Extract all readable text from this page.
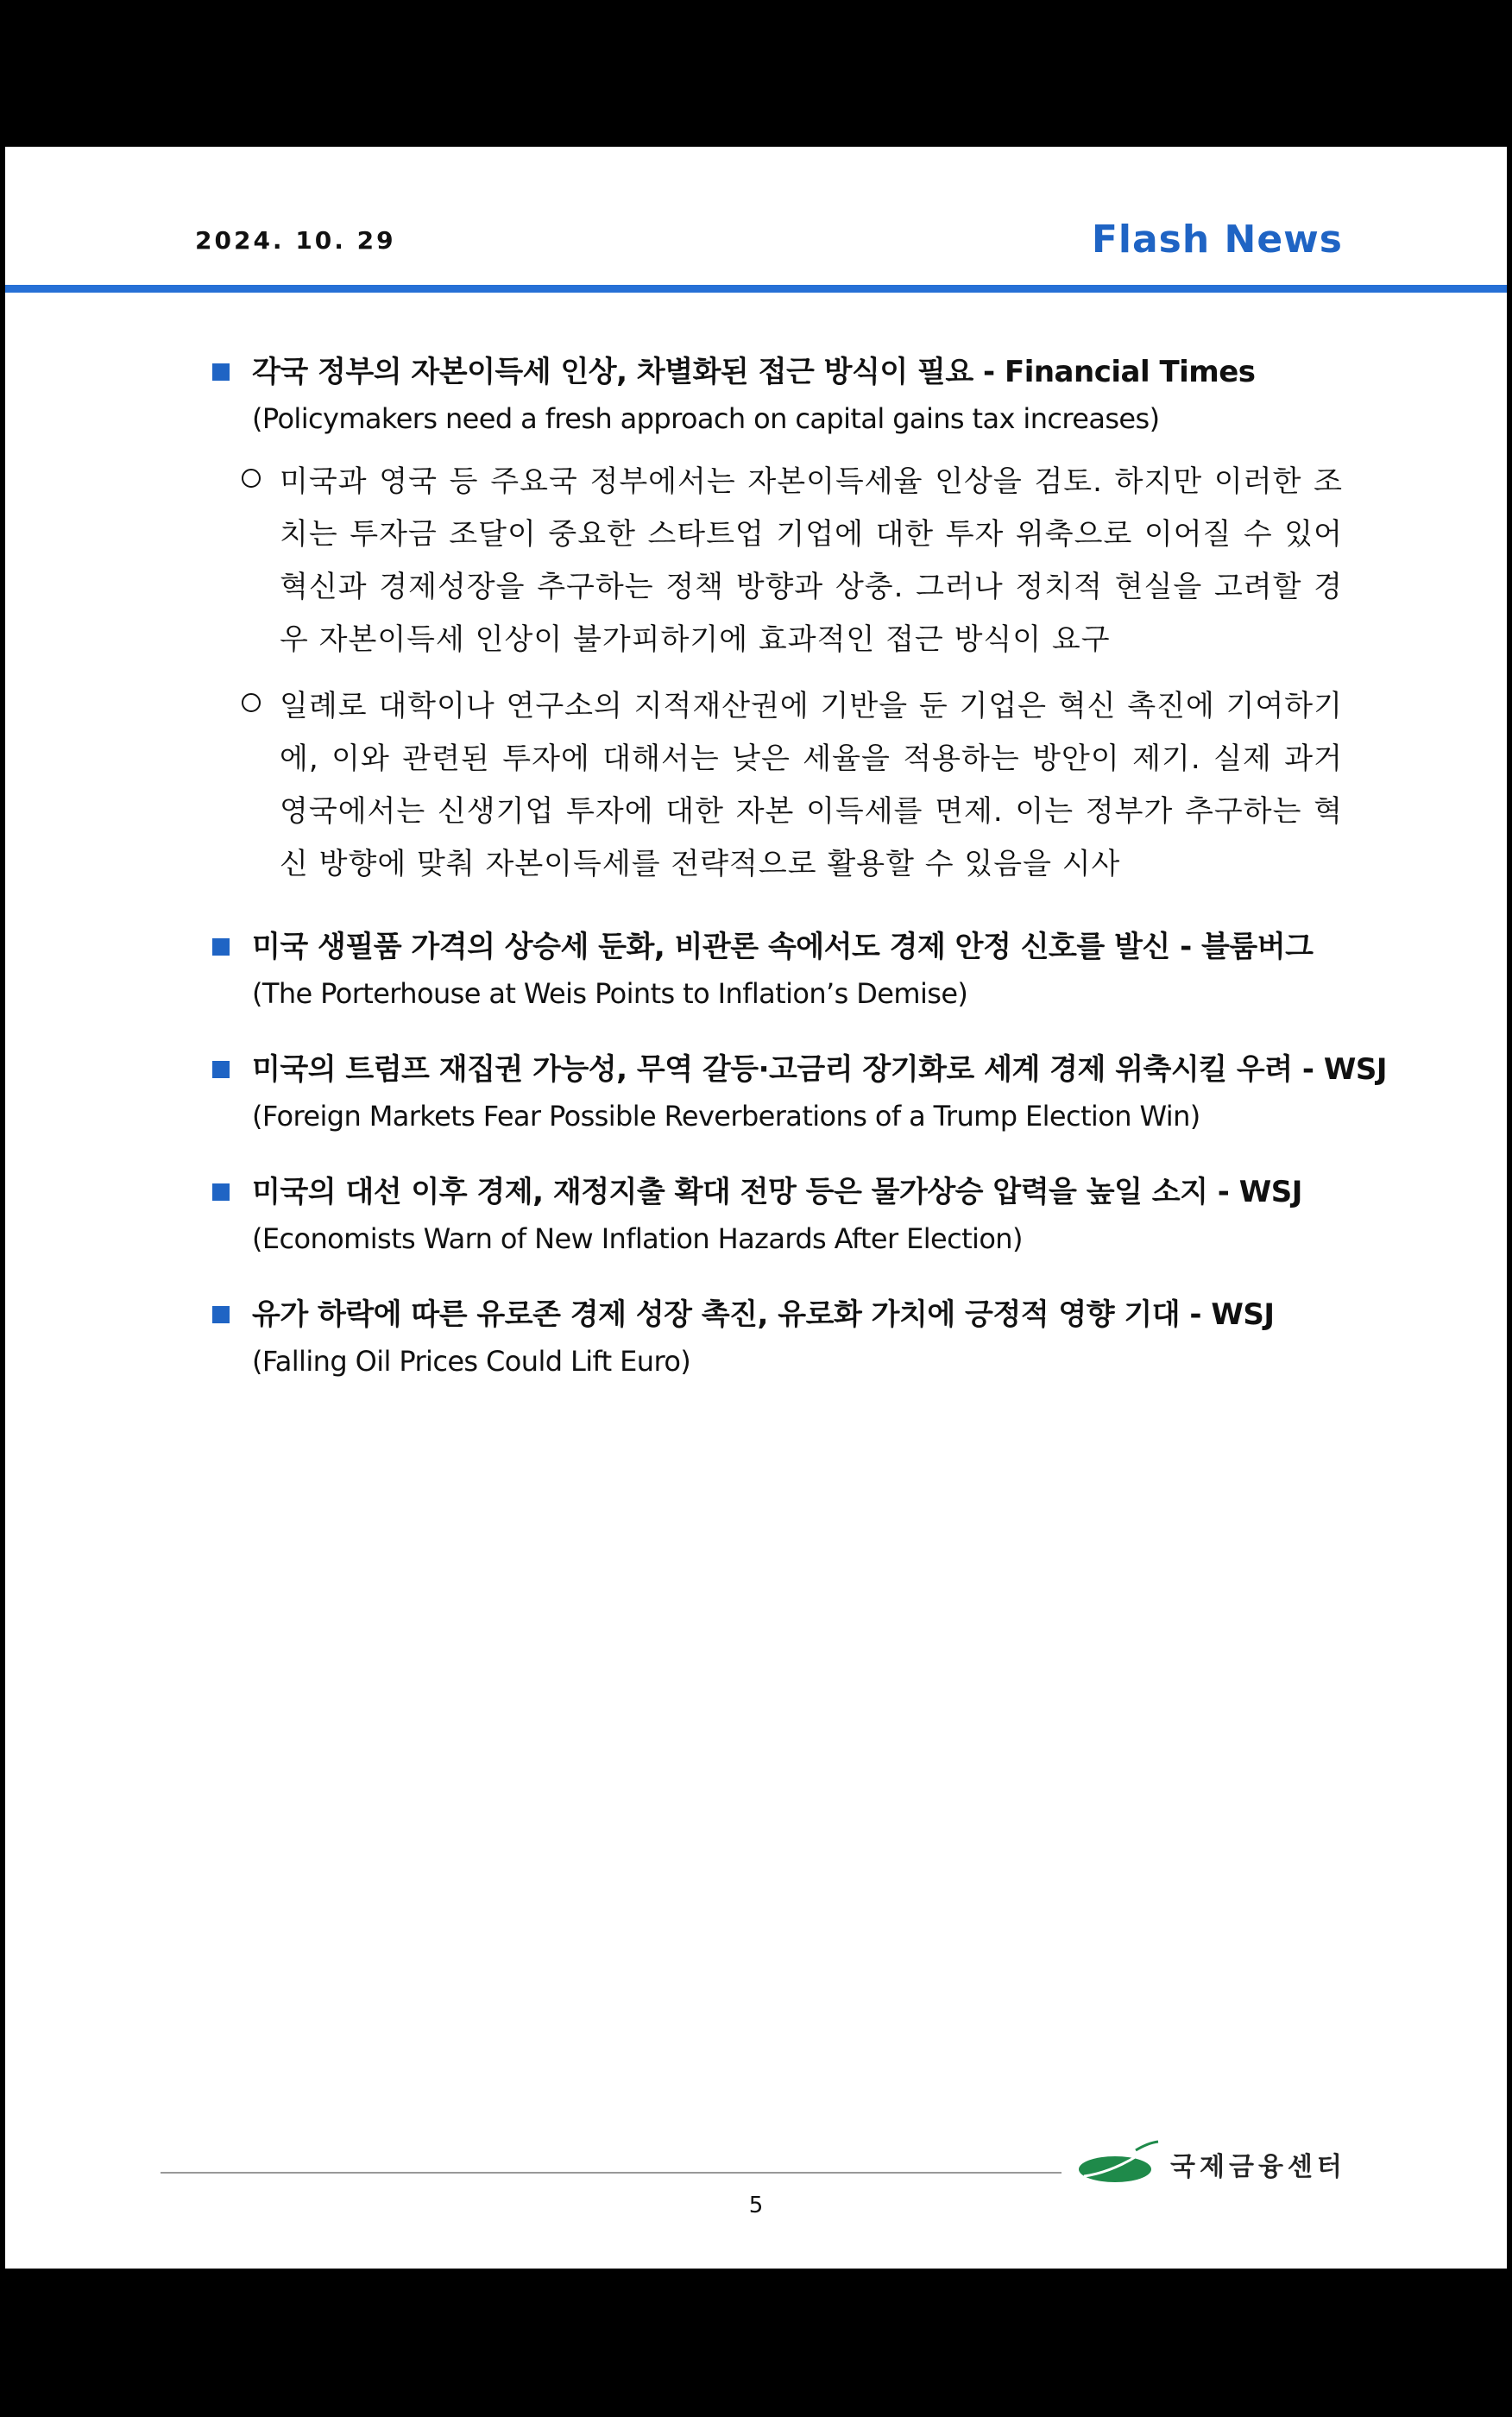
2024. 10. 29	Flash News
각국 정부의 자본이득세 인상, 차별화된 접근 방식이 필요 - Financial Times
(Policymakers need a fresh approach on capital gains tax increases)
미국과 영국 등 주요국 정부에서는 자본이득세율 인상을 검토. 하지만 이러한 조치는 투자금 조달이 중요한 스타트업 기업에 대한 투자 위축으로 이어질 수 있어 혁신과 경제성장을 추구하는 정책 방향과 상충. 그러나 정치적 현실을 고려할 경우 자본이득세 인상이 불가피하기에 효과적인 접근 방식이 요구
일례로 대학이나 연구소의 지적재산권에 기반을 둔 기업은 혁신 촉진에 기여하기에, 이와 관련된 투자에 대해서는 낮은 세율을 적용하는 방안이 제기. 실제 과거 영국에서는 신생기업 투자에 대한 자본 이득세를 면제. 이는 정부가 추구하는 혁신 방향에 맞춰 자본이득세를 전략적으로 활용할 수 있음을 시사
미국 생필품 가격의 상승세 둔화, 비관론 속에서도 경제 안정 신호를 발신 - 블룸버그
(The Porterhouse at Weis Points to Inflation’s Demise)
미국의 트럼프 재집권 가능성, 무역 갈등·고금리 장기화로 세계 경제 위축시킬 우려 - WSJ
(Foreign Markets Fear Possible Reverberations of a Trump Election Win)
미국의 대선 이후 경제, 재정지출 확대 전망 등은 물가상승 압력을 높일 소지 - WSJ
(Economists Warn of New Inflation Hazards After Election)
유가 하락에 따른 유로존 경제 성장 촉진, 유로화 가치에 긍정적 영향 기대 - WSJ
(Falling Oil Prices Could Lift Euro)
5
국제금융센터
